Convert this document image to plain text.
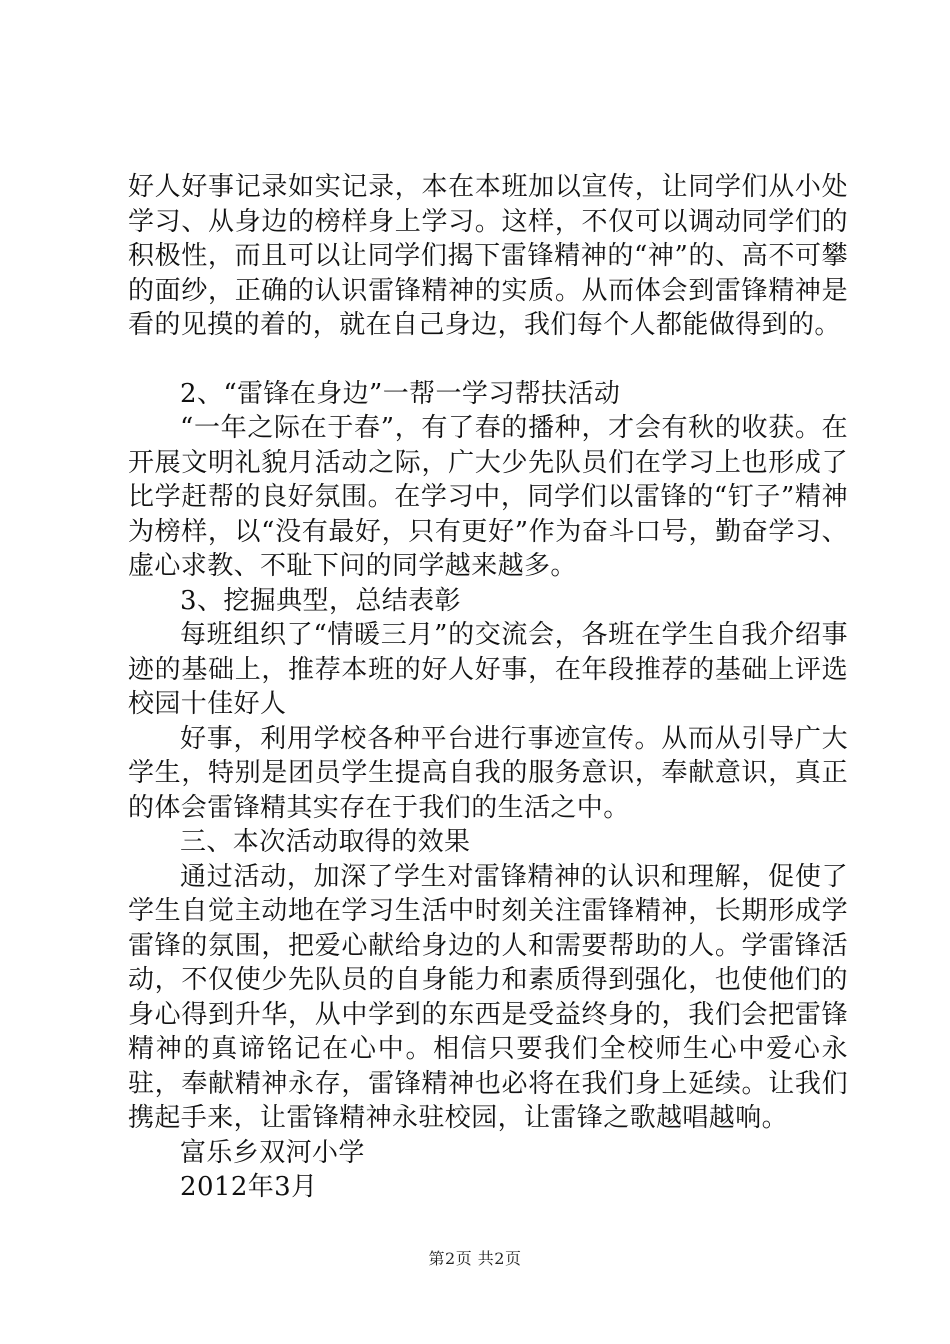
好人好事记录如实记录，本在本班加以宣传，让同学们从小处学习、从身边的榜样身上学习。这样，不仅可以调动同学们的积极性，而且可以让同学们揭下雷锋精神的“神”的、高不可攀的面纱，正确的认识雷锋精神的实质。从而体会到雷锋精神是看的见摸的着的，就在自己身边，我们每个人都能做得到的。

2、“雷锋在身边”一帮一学习帮扶活动

“一年之际在于春”，有了春的播种，才会有秋的收获。在开展文明礼貌月活动之际，广大少先队员们在学习上也形成了比学赶帮的良好氛围。在学习中，同学们以雷锋的“钉子”精神为榜样，以“没有最好，只有更好”作为奋斗口号，勤奋学习、虚心求教、不耻下问的同学越来越多。

3、挖掘典型，总结表彰

每班组织了“情暖三月”的交流会，各班在学生自我介绍事迹的基础上，推荐本班的好人好事，在年段推荐的基础上评选校园十佳好人

好事，利用学校各种平台进行事迹宣传。从而从引导广大学生，特别是团员学生提高自我的服务意识，奉献意识，真正的体会雷锋精其实存在于我们的生活之中。

三、本次活动取得的效果

通过活动，加深了学生对雷锋精神的认识和理解，促使了学生自觉主动地在学习生活中时刻关注雷锋精神，长期形成学雷锋的氛围，把爱心献给身边的人和需要帮助的人。学雷锋活动，不仅使少先队员的自身能力和素质得到强化，也使他们的身心得到升华，从中学到的东西是受益终身的，我们会把雷锋精神的真谛铭记在心中。相信只要我们全校师生心中爱心永驻，奉献精神永存，雷锋精神也必将在我们身上延续。让我们携起手来，让雷锋精神永驻校园，让雷锋之歌越唱越响。

富乐乡双河小学

2012年3月

第2页 共2页
